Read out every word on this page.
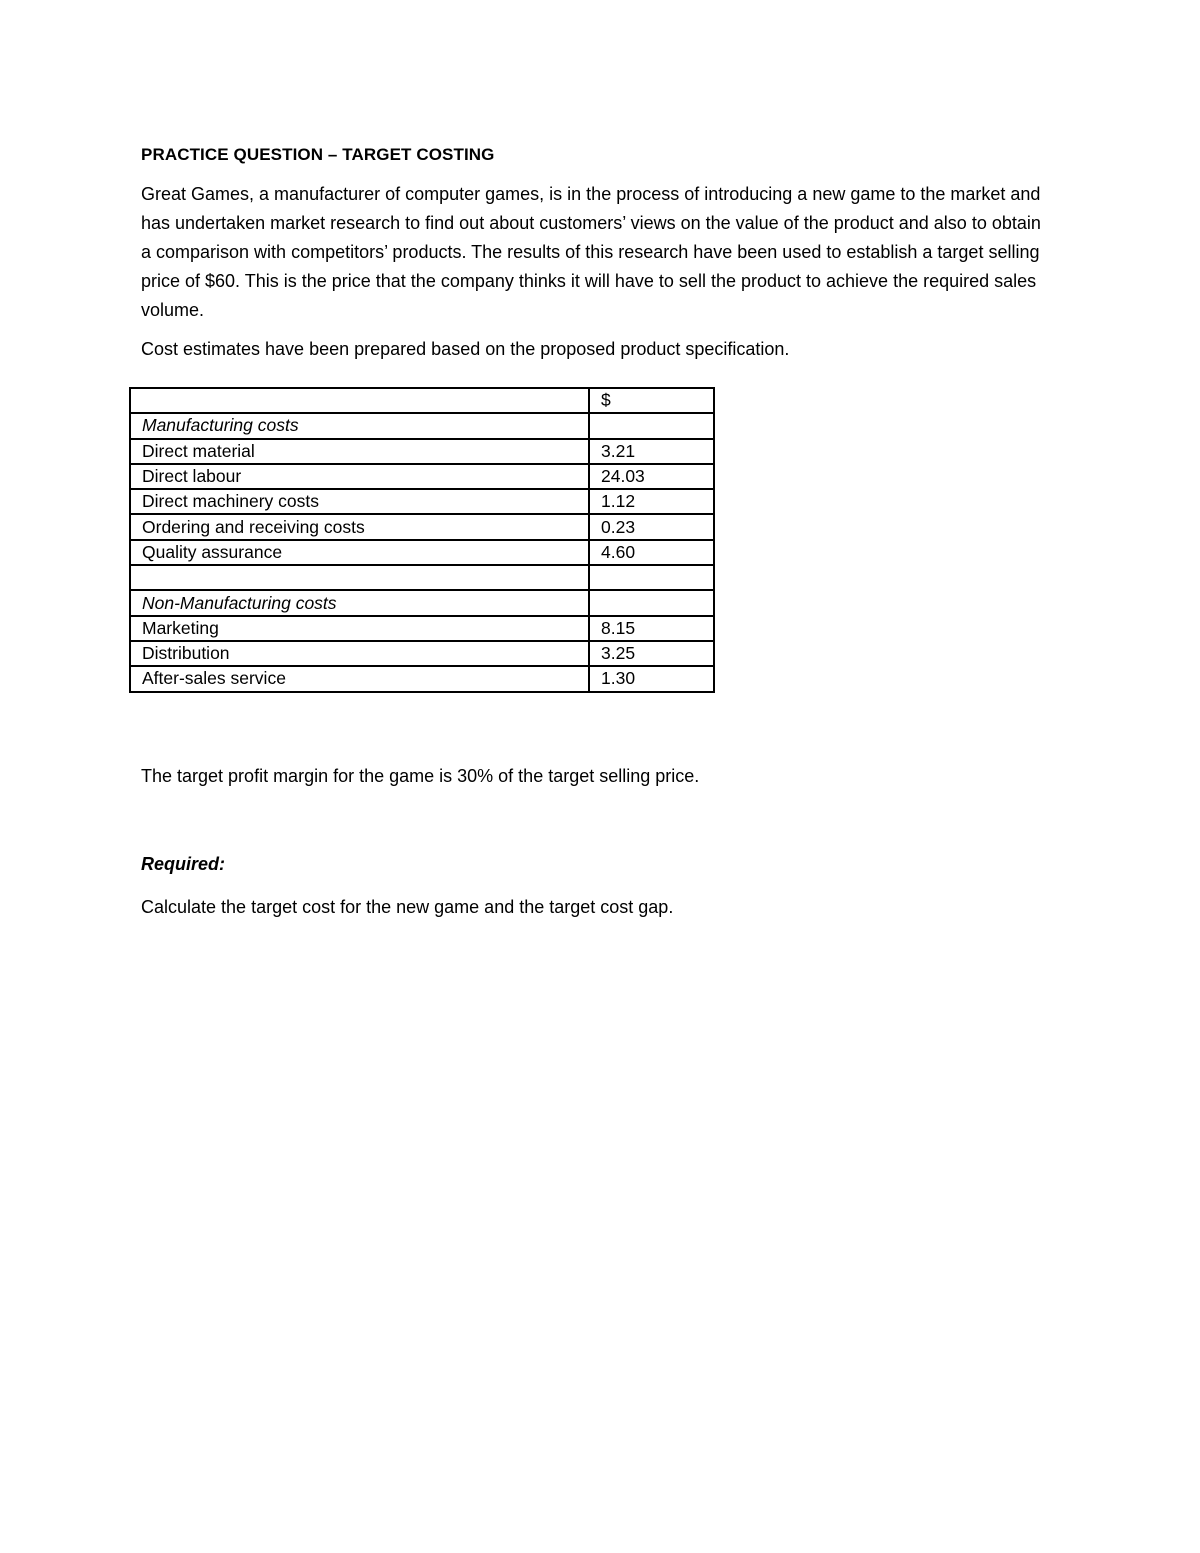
PRACTICE QUESTION – TARGET COSTING

Great Games, a manufacturer of computer games, is in the process of introducing a new game to the market and has undertaken market research to find out about customers’ views on the value of the product and also to obtain a comparison with competitors’ products. The results of this research have been used to establish a target selling price of $60. This is the price that the company thinks it will have to sell the product to achieve the required sales volume.

Cost estimates have been prepared based on the proposed product specification.

	$
Manufacturing costs	
Direct material	3.21
Direct labour	24.03
Direct machinery costs	1.12
Ordering and receiving costs	0.23
Quality assurance	4.60

Non-Manufacturing costs	
Marketing	8.15
Distribution	3.25
After-sales service	1.30
The target profit margin for the game is 30% of the target selling price.
Required:
Calculate the target cost for the new game and the target cost gap.
